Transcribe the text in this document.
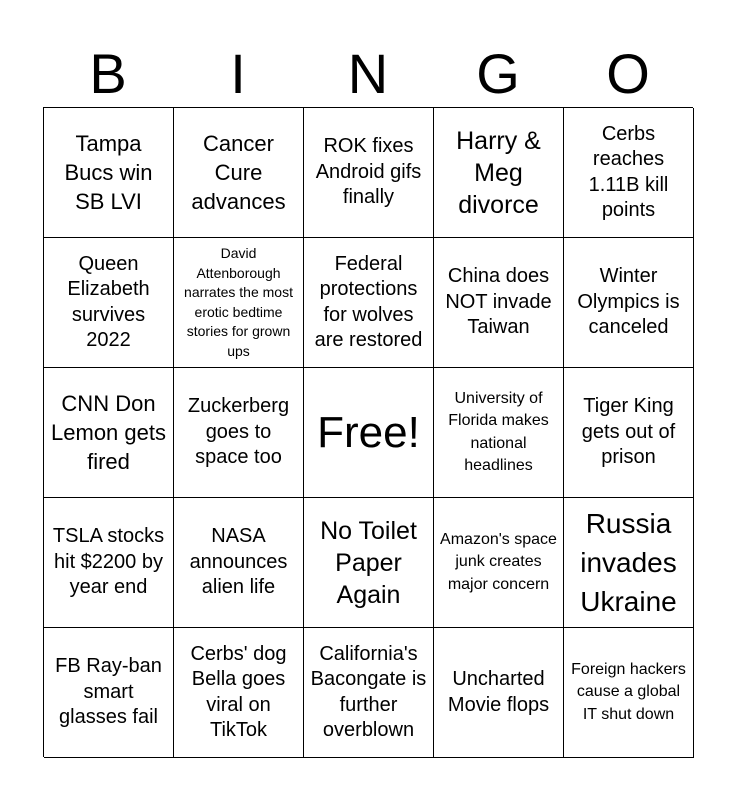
B	I	N	G	O
Tampa Bucs win SB LVI
Cancer Cure advances
ROK fixes Android gifs finally
Harry & Meg divorce
Cerbs reaches 1.11B kill points
Queen Elizabeth survives 2022
David Attenborough narrates the most erotic bedtime stories for grown ups
Federal protections for wolves are restored
China does NOT invade Taiwan
Winter Olympics is canceled
CNN Don Lemon gets fired
Zuckerberg goes to space too
Free!
University of Florida makes national headlines
Tiger King gets out of prison
TSLA stocks hit $2200 by year end
NASA announces alien life
No Toilet Paper Again
Amazon's space junk creates major concern
Russia invades Ukraine
FB Ray-ban smart glasses fail
Cerbs' dog Bella goes viral on TikTok
California's Bacongate is further overblown
Uncharted Movie flops
Foreign hackers cause a global IT shut down
